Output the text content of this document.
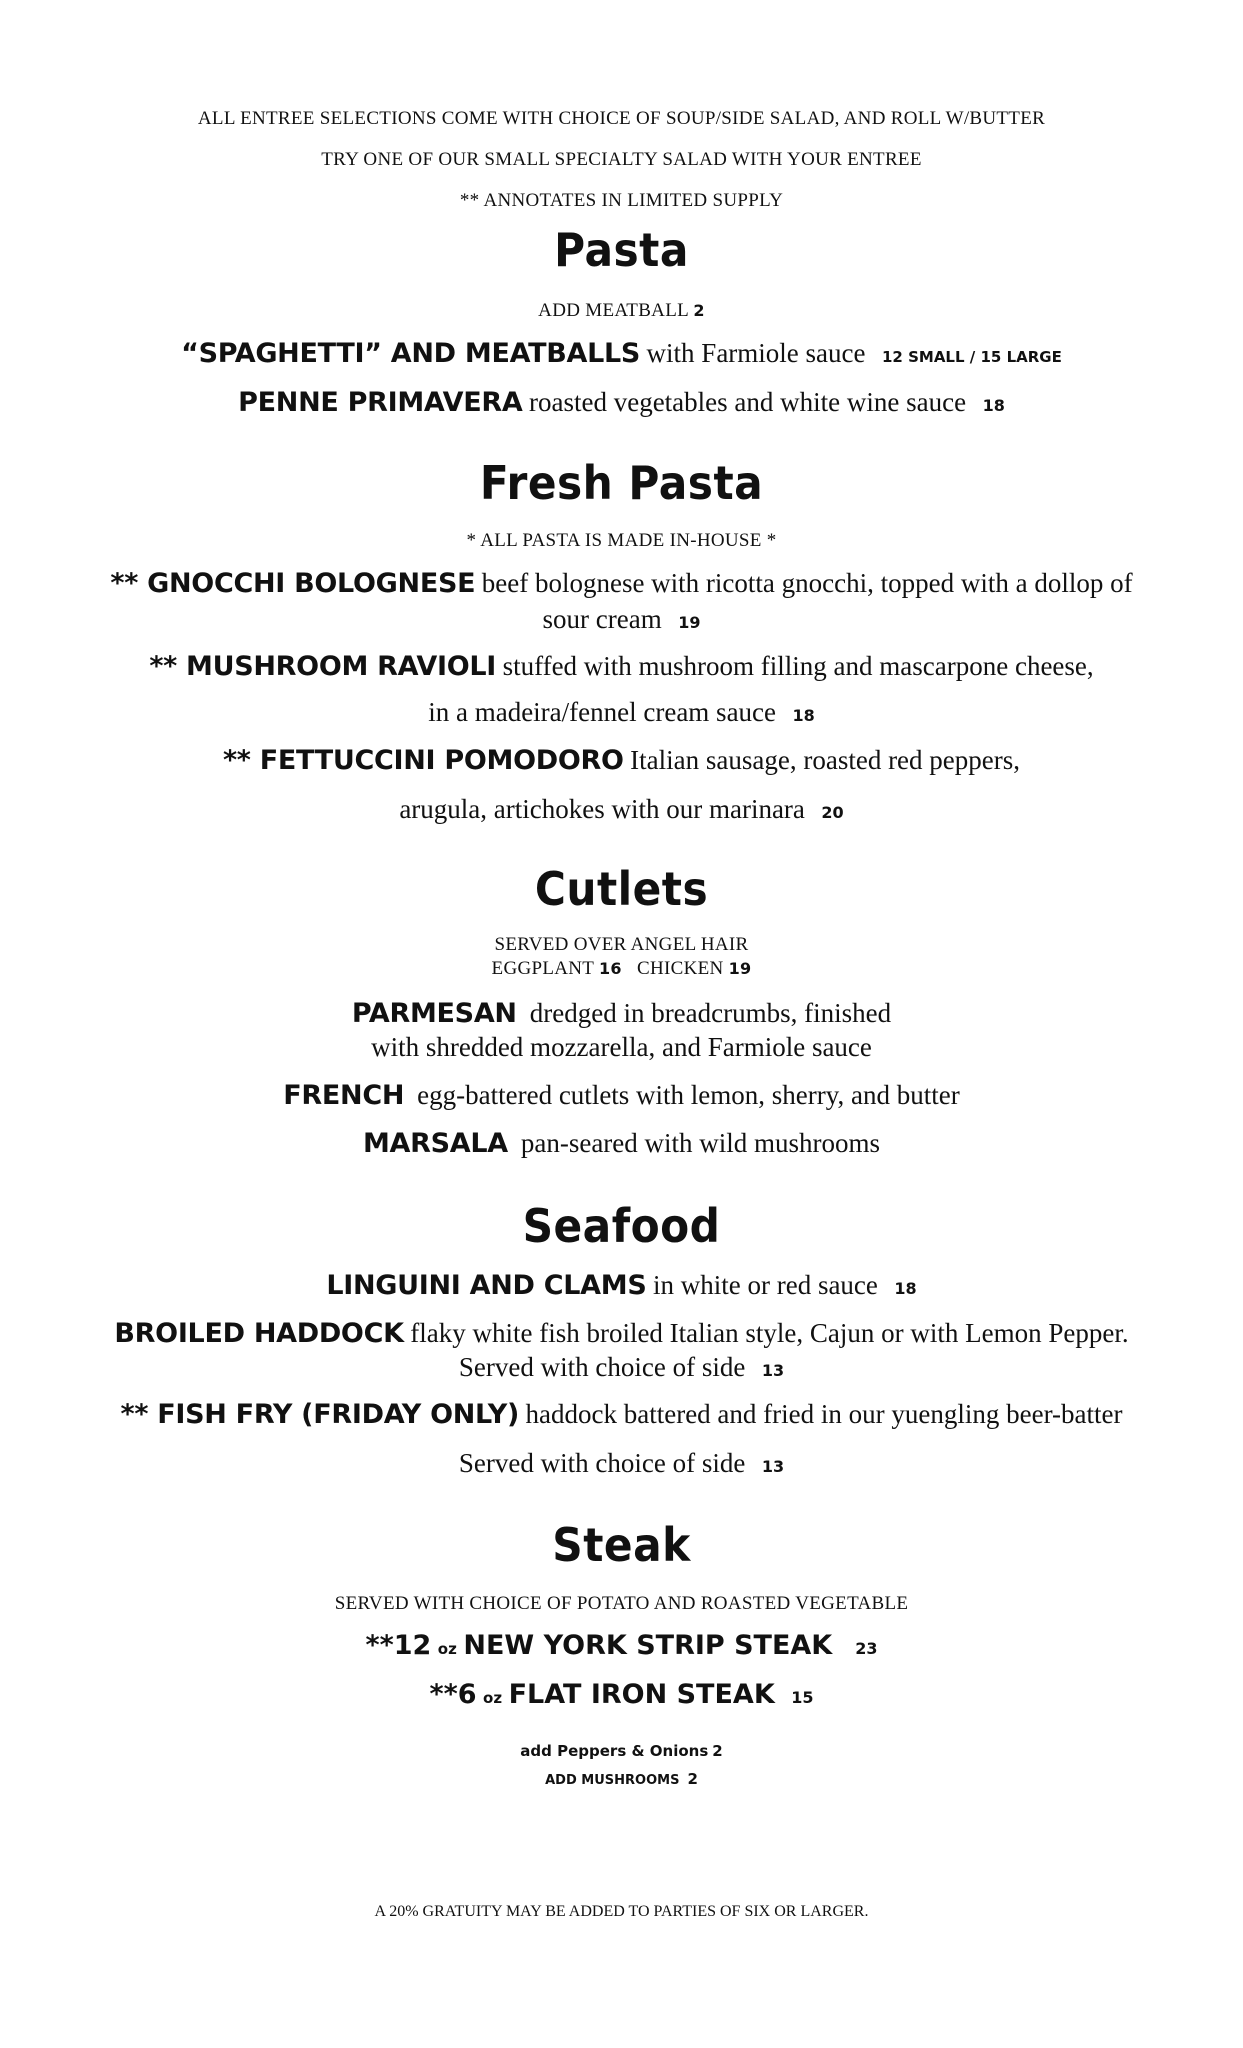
ALL ENTREE SELECTIONS COME WITH CHOICE OF SOUP/SIDE SALAD, AND ROLL W/BUTTER
TRY ONE OF OUR SMALL SPECIALTY SALAD WITH YOUR ENTREE
** ANNOTATES IN LIMITED SUPPLY
Pasta
ADD MEATBALL 2
“SPAGHETTI” AND MEATBALLS with Farmiole sauce 12 SMALL / 15 LARGE
PENNE PRIMAVERA roasted vegetables and white wine sauce 18
Fresh Pasta
* ALL PASTA IS MADE IN-HOUSE *
** GNOCCHI BOLOGNESE beef bolognese with ricotta gnocchi, topped with a dollop of
sour cream 19
** MUSHROOM RAVIOLI stuffed with mushroom filling and mascarpone cheese,
in a madeira/fennel cream sauce 18
** FETTUCCINI POMODORO Italian sausage, roasted red peppers,
arugula, artichokes with our marinara 20
Cutlets
SERVED OVER ANGEL HAIR
EGGPLANT 16 CHICKEN 19
PARMESAN dredged in breadcrumbs, finished
with shredded mozzarella, and Farmiole sauce
FRENCH egg-battered cutlets with lemon, sherry, and butter
MARSALA pan-seared with wild mushrooms
Seafood
LINGUINI AND CLAMS in white or red sauce 18
BROILED HADDOCK flaky white fish broiled Italian style, Cajun or with Lemon Pepper.
Served with choice of side 13
** FISH FRY (FRIDAY ONLY) haddock battered and fried in our yuengling beer-batter
Served with choice of side 13
Steak
SERVED WITH CHOICE OF POTATO AND ROASTED VEGETABLE
**12 oz NEW YORK STRIP STEAK 23
**6 oz FLAT IRON STEAK 15
add Peppers & Onions 2
ADD MUSHROOMS 2
A 20% GRATUITY MAY BE ADDED TO PARTIES OF SIX OR LARGER.
